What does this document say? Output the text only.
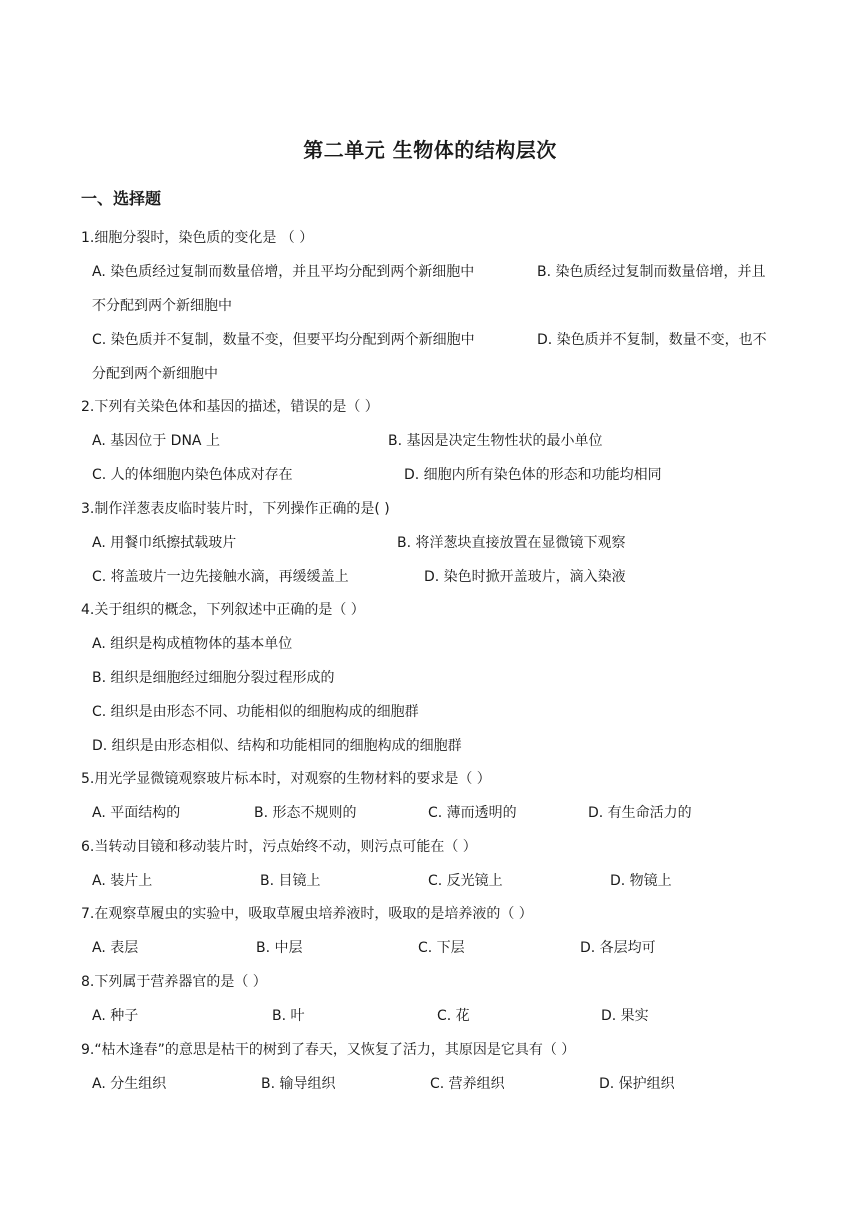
第二单元 生物体的结构层次
一、选择题
1.细胞分裂时，染色质的变化是 （ ）
A. 染色质经过复制而数量倍增，并且平均分配到两个新细胞中	B. 染色质经过复制而数量倍增，并且
不分配到两个新细胞中
C. 染色质并不复制，数量不变，但要平均分配到两个新细胞中	D. 染色质并不复制，数量不变，也不
分配到两个新细胞中
2.下列有关染色体和基因的描述，错误的是（ ）
A. 基因位于 DNA 上	B. 基因是决定生物性状的最小单位
C. 人的体细胞内染色体成对存在	D. 细胞内所有染色体的形态和功能均相同
3.制作洋葱表皮临时装片时，下列操作正确的是( )
A. 用餐巾纸擦拭载玻片	B. 将洋葱块直接放置在显微镜下观察
C. 将盖玻片一边先接触水滴，再缓缓盖上	D. 染色时掀开盖玻片，滴入染液
4.关于组织的概念，下列叙述中正确的是（ ）
A. 组织是构成植物体的基本单位
B. 组织是细胞经过细胞分裂过程形成的
C. 组织是由形态不同、功能相似的细胞构成的细胞群
D. 组织是由形态相似、结构和功能相同的细胞构成的细胞群
5.用光学显微镜观察玻片标本时，对观察的生物材料的要求是（ ）
A. 平面结构的	B. 形态不规则的	C. 薄而透明的	D. 有生命活力的
6.当转动目镜和移动装片时，污点始终不动，则污点可能在（ ）
A. 装片上	B. 目镜上	C. 反光镜上	D. 物镜上
7.在观察草履虫的实验中，吸取草履虫培养液时，吸取的是培养液的（ ）
A. 表层	B. 中层	C. 下层	D. 各层均可
8.下列属于营养器官的是（ ）
A. 种子	B. 叶	C. 花	D. 果实
9.“枯木逢春”的意思是枯干的树到了春天，又恢复了活力，其原因是它具有（ ）
A. 分生组织	B. 输导组织	C. 营养组织	D. 保护组织
